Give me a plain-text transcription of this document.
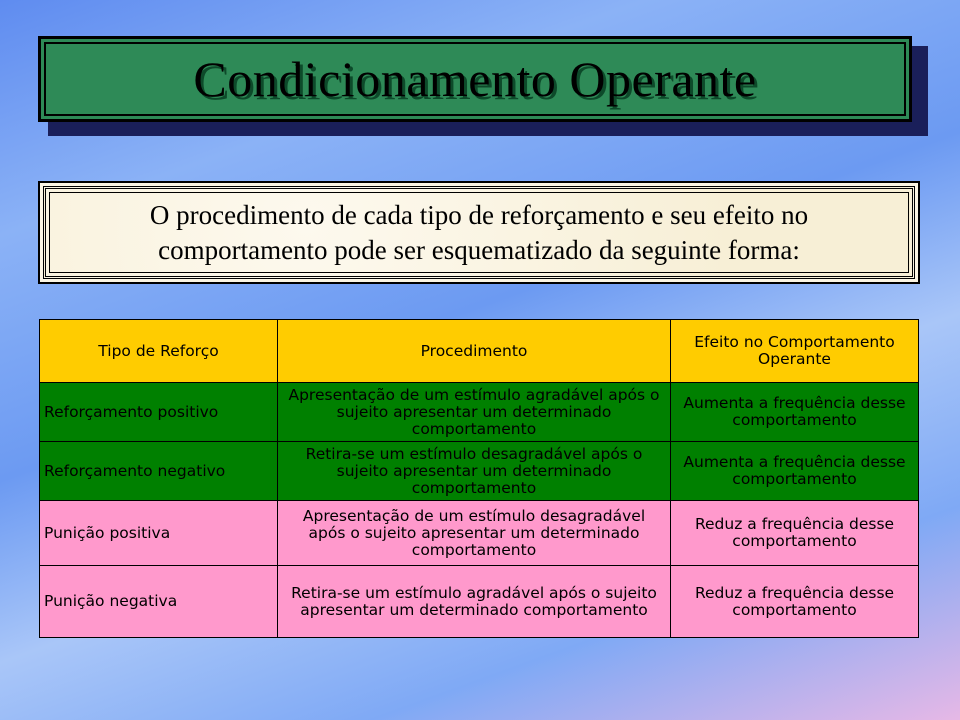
Condicionamento Operante
O procedimento de cada tipo de reforçamento e seu efeito no comportamento pode ser esquematizado da seguinte forma:
Tipo de Reforço	Procedimento	Efeito no Comportamento Operante
Reforçamento positivo	Apresentação de um estímulo agradável após o sujeito apresentar um determinado comportamento	Aumenta a frequência desse comportamento
Reforçamento negativo	Retira-se um estímulo desagradável após o sujeito apresentar um determinado comportamento	Aumenta a frequência desse comportamento
Punição positiva	Apresentação de um estímulo desagradável após o sujeito apresentar um determinado comportamento	Reduz a frequência desse comportamento
Punição negativa	Retira-se um estímulo agradável após o sujeito apresentar um determinado comportamento	Reduz a frequência desse comportamento
